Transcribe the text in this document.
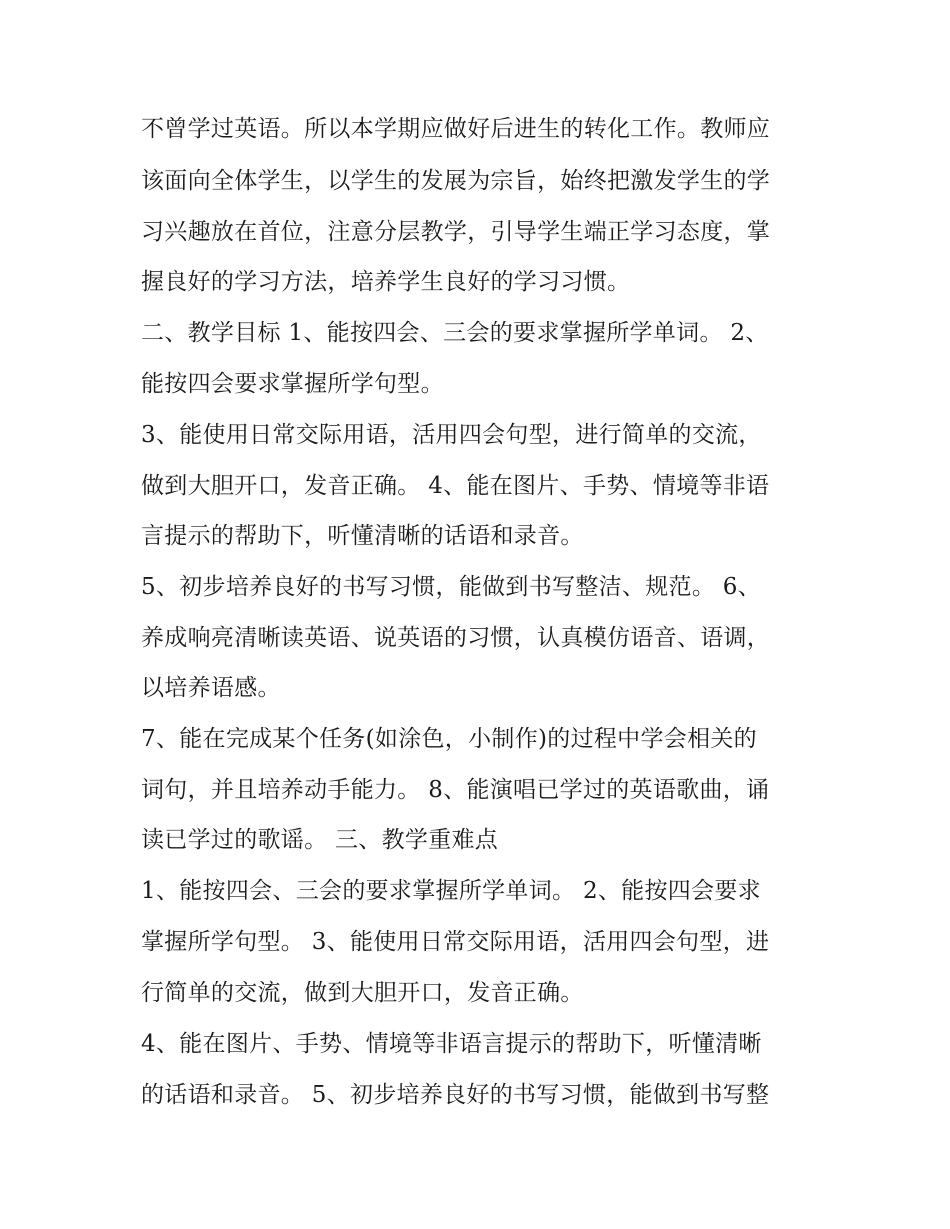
不曾学过英语。所以本学期应做好后进生的转化工作。教师应
该面向全体学生，以学生的发展为宗旨，始终把激发学生的学
习兴趣放在首位，注意分层教学，引导学生端正学习态度，掌
握良好的学习方法，培养学生良好的学习习惯。
二、教学目标 1、能按四会、三会的要求掌握所学单词。 2、
能按四会要求掌握所学句型。
3、能使用日常交际用语，活用四会句型，进行简单的交流，
做到大胆开口，发音正确。 4、能在图片、手势、情境等非语
言提示的帮助下，听懂清晰的话语和录音。
5、初步培养良好的书写习惯，能做到书写整洁、规范。 6、
养成响亮清晰读英语、说英语的习惯，认真模仿语音、语调，
以培养语感。
7、能在完成某个任务(如涂色，小制作)的过程中学会相关的
词句，并且培养动手能力。 8、能演唱已学过的英语歌曲，诵
读已学过的歌谣。 三、教学重难点
1、能按四会、三会的要求掌握所学单词。 2、能按四会要求
掌握所学句型。 3、能使用日常交际用语，活用四会句型，进
行简单的交流，做到大胆开口，发音正确。
4、能在图片、手势、情境等非语言提示的帮助下，听懂清晰
的话语和录音。 5、初步培养良好的书写习惯，能做到书写整
